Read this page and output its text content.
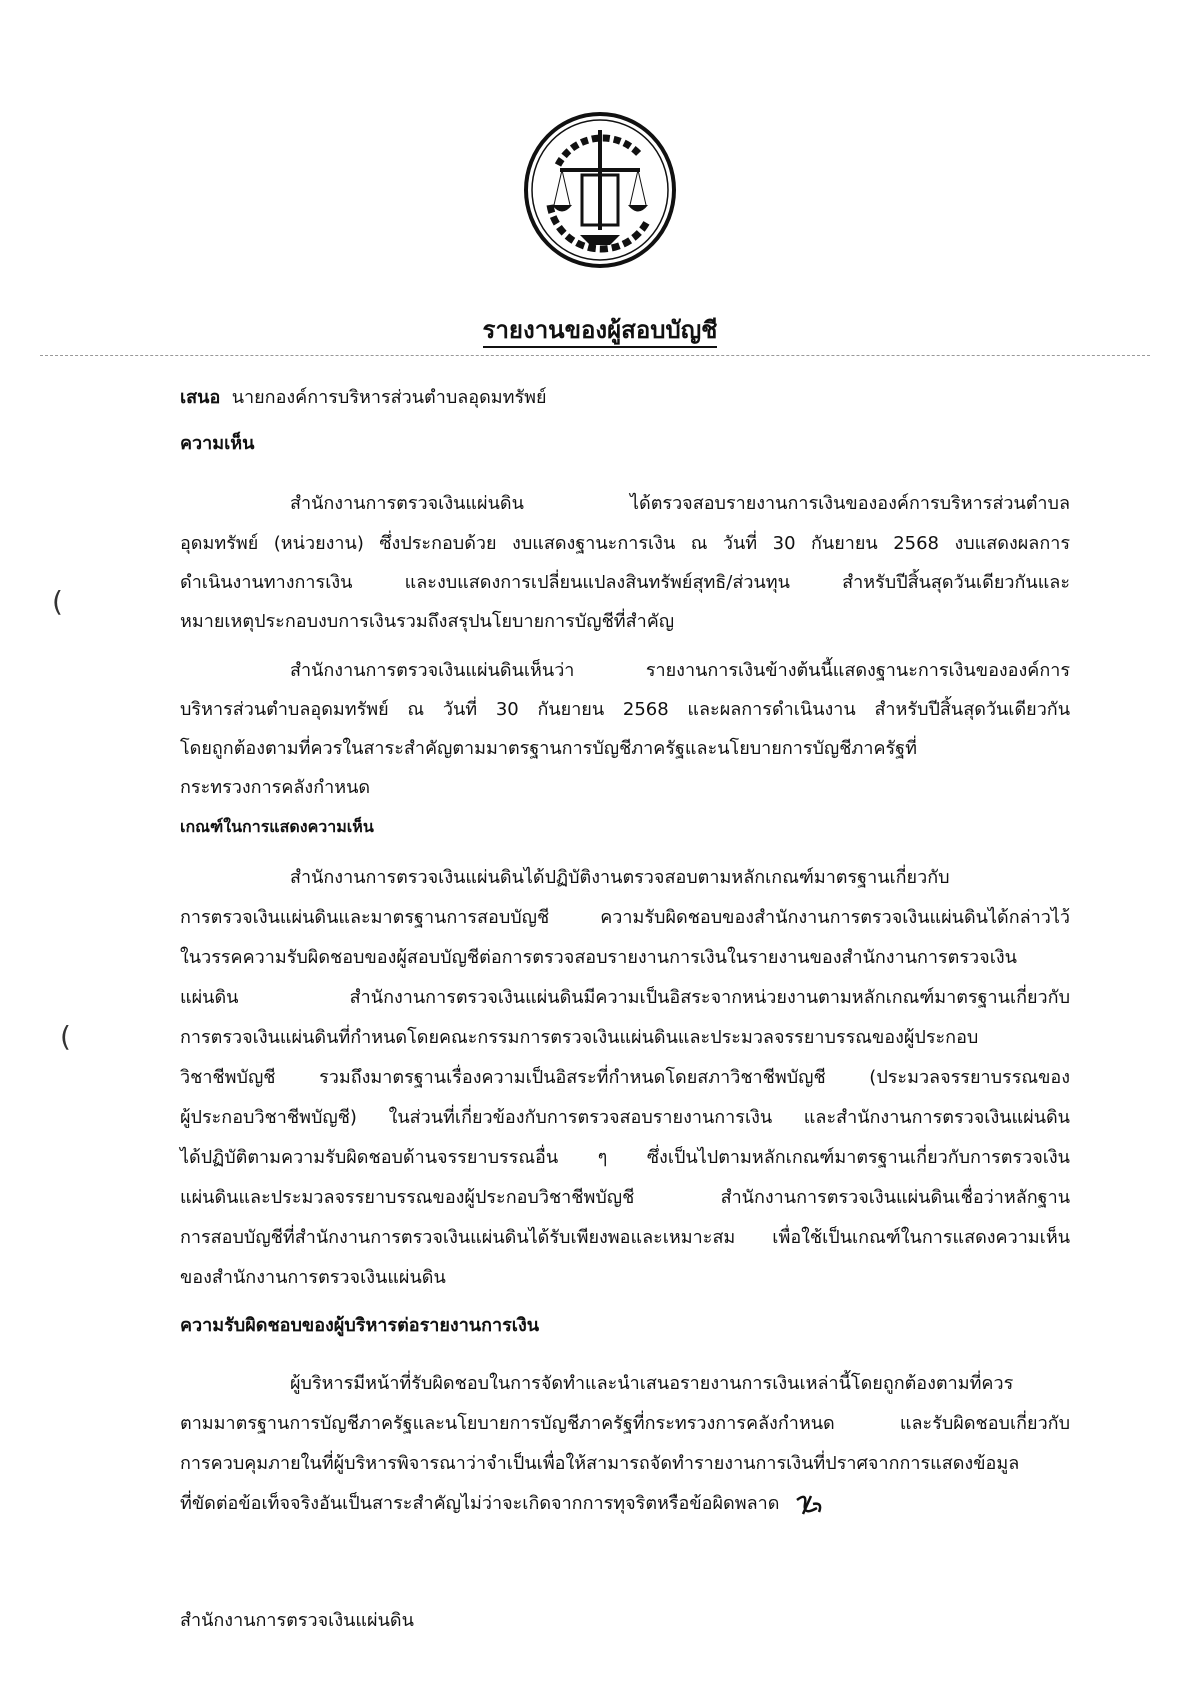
รายงานของผู้สอบบัญชี
เสนอ นายกองค์การบริหารส่วนตำบลอุดมทรัพย์
ความเห็น
สำนักงานการตรวจเงินแผ่นดิน ได้ตรวจสอบรายงานการเงินขององค์การบริหารส่วนตำบล
อุดมทรัพย์ (หน่วยงาน) ซึ่งประกอบด้วย งบแสดงฐานะการเงิน ณ วันที่ 30 กันยายน 2568 งบแสดงผลการ
ดำเนินงานทางการเงิน และงบแสดงการเปลี่ยนแปลงสินทรัพย์สุทธิ/ส่วนทุน สำหรับปีสิ้นสุดวันเดียวกันและ
หมายเหตุประกอบงบการเงินรวมถึงสรุปนโยบายการบัญชีที่สำคัญ
สำนักงานการตรวจเงินแผ่นดินเห็นว่า รายงานการเงินข้างต้นนี้แสดงฐานะการเงินขององค์การ
บริหารส่วนตำบลอุดมทรัพย์ ณ วันที่ 30 กันยายน 2568 และผลการดำเนินงาน สำหรับปีสิ้นสุดวันเดียวกัน
โดยถูกต้องตามที่ควรในสาระสำคัญตามมาตรฐานการบัญชีภาครัฐและนโยบายการบัญชีภาครัฐที่
กระทรวงการคลังกำหนด
เกณฑ์ในการแสดงความเห็น
สำนักงานการตรวจเงินแผ่นดินได้ปฏิบัติงานตรวจสอบตามหลักเกณฑ์มาตรฐานเกี่ยวกับ
การตรวจเงินแผ่นดินและมาตรฐานการสอบบัญชี ความรับผิดชอบของสำนักงานการตรวจเงินแผ่นดินได้กล่าวไว้
ในวรรคความรับผิดชอบของผู้สอบบัญชีต่อการตรวจสอบรายงานการเงินในรายงานของสำนักงานการตรวจเงิน
แผ่นดิน สำนักงานการตรวจเงินแผ่นดินมีความเป็นอิสระจากหน่วยงานตามหลักเกณฑ์มาตรฐานเกี่ยวกับ
การตรวจเงินแผ่นดินที่กำหนดโดยคณะกรรมการตรวจเงินแผ่นดินและประมวลจรรยาบรรณของผู้ประกอบ
วิชาชีพบัญชี รวมถึงมาตรฐานเรื่องความเป็นอิสระที่กำหนดโดยสภาวิชาชีพบัญชี (ประมวลจรรยาบรรณของ
ผู้ประกอบวิชาชีพบัญชี) ในส่วนที่เกี่ยวข้องกับการตรวจสอบรายงานการเงิน และสำนักงานการตรวจเงินแผ่นดิน
ได้ปฏิบัติตามความรับผิดชอบด้านจรรยาบรรณอื่น ๆ ซึ่งเป็นไปตามหลักเกณฑ์มาตรฐานเกี่ยวกับการตรวจเงิน
แผ่นดินและประมวลจรรยาบรรณของผู้ประกอบวิชาชีพบัญชี สำนักงานการตรวจเงินแผ่นดินเชื่อว่าหลักฐาน
การสอบบัญชีที่สำนักงานการตรวจเงินแผ่นดินได้รับเพียงพอและเหมาะสม เพื่อใช้เป็นเกณฑ์ในการแสดงความเห็น
ของสำนักงานการตรวจเงินแผ่นดิน
ความรับผิดชอบของผู้บริหารต่อรายงานการเงิน
ผู้บริหารมีหน้าที่รับผิดชอบในการจัดทำและนำเสนอรายงานการเงินเหล่านี้โดยถูกต้องตามที่ควร
ตามมาตรฐานการบัญชีภาครัฐและนโยบายการบัญชีภาครัฐที่กระทรวงการคลังกำหนด และรับผิดชอบเกี่ยวกับ
การควบคุมภายในที่ผู้บริหารพิจารณาว่าจำเป็นเพื่อให้สามารถจัดทำรายงานการเงินที่ปราศจากการแสดงข้อมูล
ที่ขัดต่อข้อเท็จจริงอันเป็นสาระสำคัญไม่ว่าจะเกิดจากการทุจริตหรือข้อผิดพลาด
สำนักงานการตรวจเงินแผ่นดิน
(
(
